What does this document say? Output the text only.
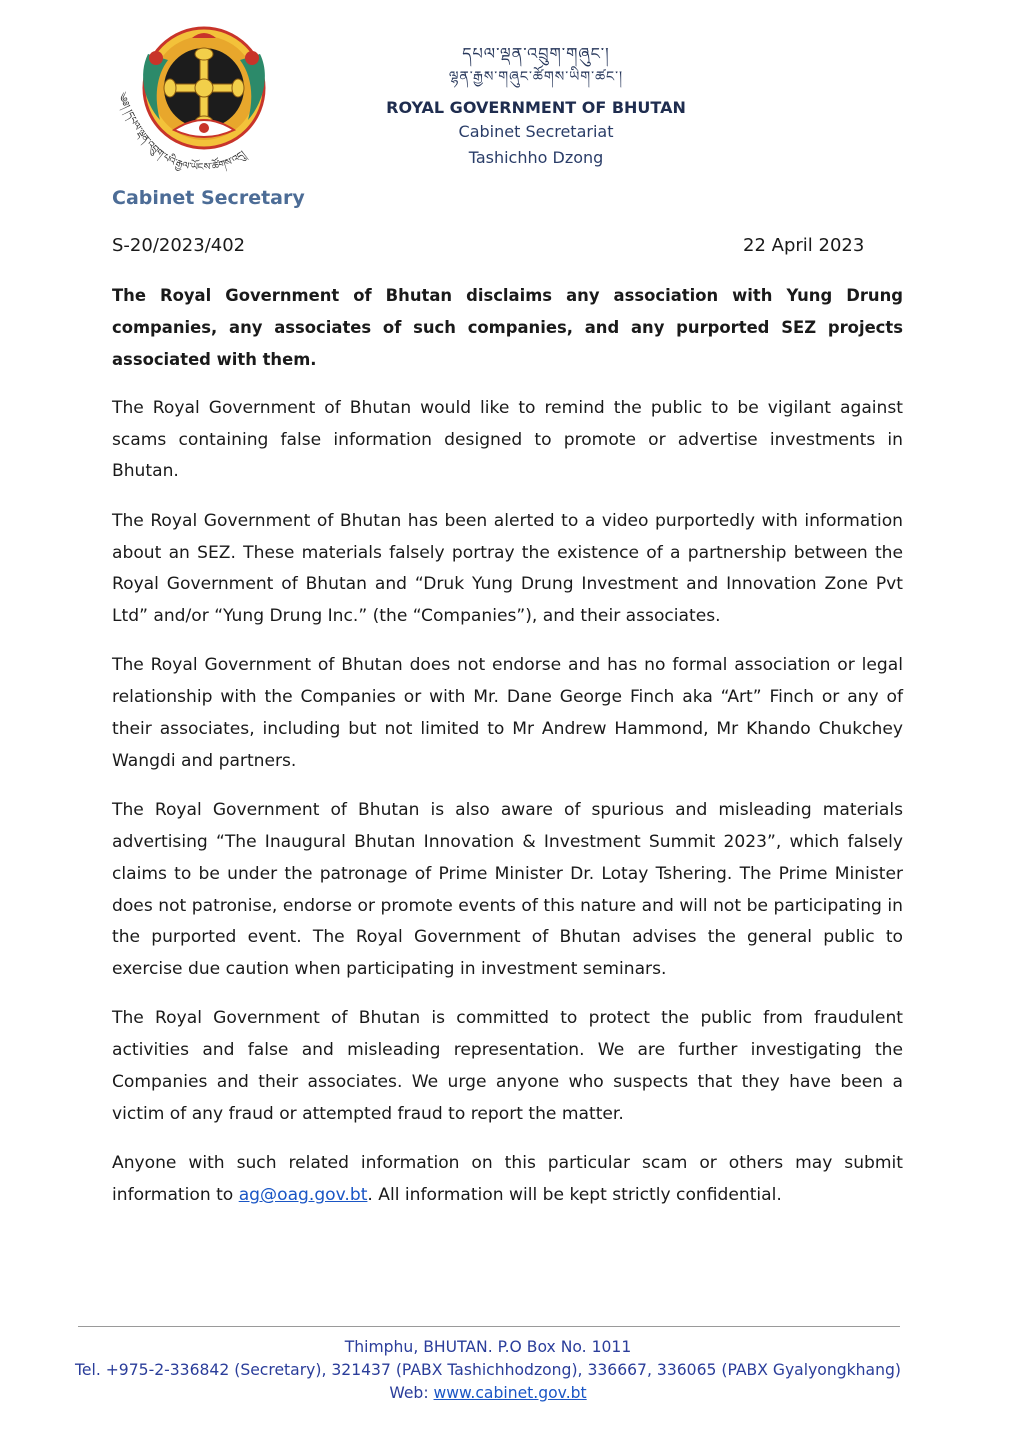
༄༅། །དཔལ་ལྡན་འབྲུག་པའི་རྒྱལ་ཡོངས་ཚོགས་འདུ།
དཔལ་ལྡན་འབྲུག་གཞུང་།
ལྷན་རྒྱས་གཞུང་ཚོགས་ཡིག་ཚང་།
ROYAL GOVERNMENT OF BHUTAN
Cabinet Secretariat
Tashichho Dzong
Cabinet Secretary
S-20/2023/402	22 April 2023

The Royal Government of Bhutan disclaims any association with Yung Drung companies, any associates of such companies, and any purported SEZ projects associated with them.

The Royal Government of Bhutan would like to remind the public to be vigilant against scams containing false information designed to promote or advertise investments in Bhutan.

The Royal Government of Bhutan has been alerted to a video purportedly with information about an SEZ. These materials falsely portray the existence of a partnership between the Royal Government of Bhutan and “Druk Yung Drung Investment and Innovation Zone Pvt Ltd” and/or “Yung Drung Inc.” (the “Companies”), and their associates.

The Royal Government of Bhutan does not endorse and has no formal association or legal relationship with the Companies or with Mr. Dane George Finch aka “Art” Finch or any of their associates, including but not limited to Mr Andrew Hammond, Mr Khando Chukchey Wangdi and partners.

The Royal Government of Bhutan is also aware of spurious and misleading materials advertising “The Inaugural Bhutan Innovation & Investment Summit 2023”, which falsely claims to be under the patronage of Prime Minister Dr. Lotay Tshering. The Prime Minister does not patronise, endorse or promote events of this nature and will not be participating in the purported event. The Royal Government of Bhutan advises the general public to exercise due caution when participating in investment seminars.

The Royal Government of Bhutan is committed to protect the public from fraudulent activities and false and misleading representation. We are further investigating the Companies and their associates. We urge anyone who suspects that they have been a victim of any fraud or attempted fraud to report the matter.

Anyone with such related information on this particular scam or others may submit information to ag@oag.gov.bt. All information will be kept strictly confidential.

Thimphu, BHUTAN. P.O Box No. 1011
Tel. +975-2-336842 (Secretary), 321437 (PABX Tashichhodzong), 336667, 336065 (PABX Gyalyongkhang)
Web: www.cabinet.gov.bt
